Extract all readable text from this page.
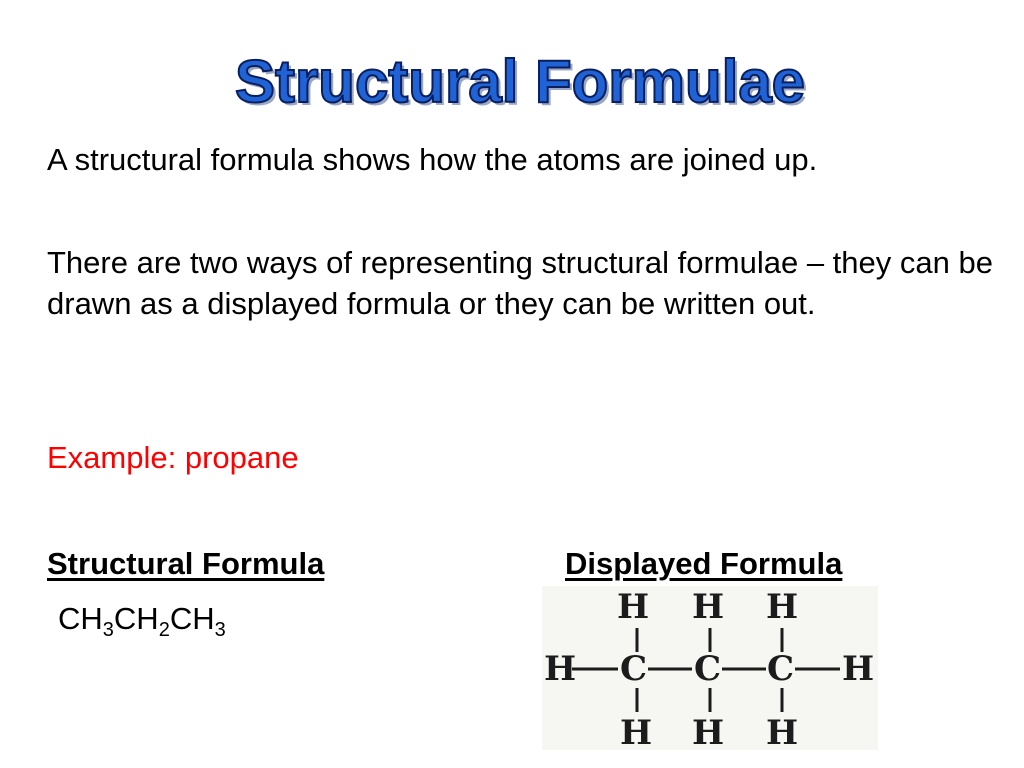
Structural Formulae
A structural formula shows how the atoms are joined up.
There are two ways of representing structural formulae – they can be drawn as a displayed formula or they can be written out.
Example: propane
Structural Formula	Displayed Formula
$CH_3CH_2CH_3$
H H H
H C C C H
H H H
